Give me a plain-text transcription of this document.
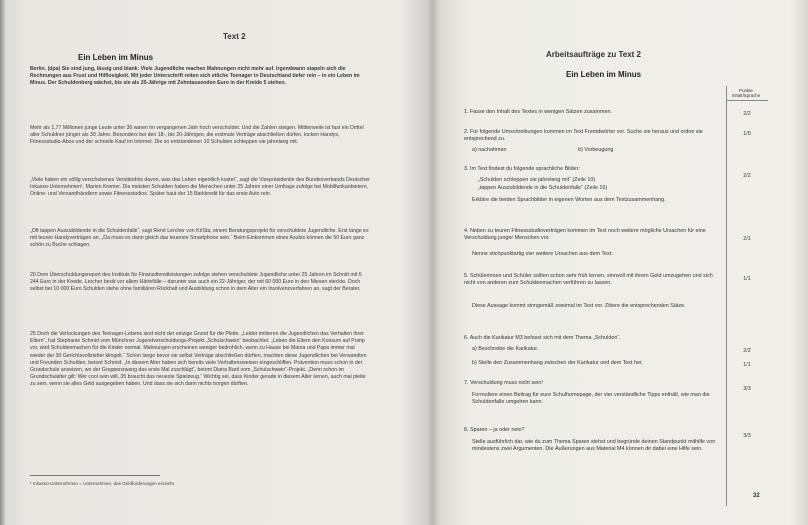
Text 2
Ein Leben im Minus
Berlin. (dpa) Sie sind jung, lässig und blank: Viele Jugendliche machen Mahnungen nicht mehr auf. Irgendwann stapeln sich die Rechnungen aus Frust und Hilflosigkeit. Mit jeder Unterschrift reiten sich etliche Teenager in Deutschland tiefer rein – in ein Leben im Minus. Der Schuldenberg wächst, bis sie als 20-Jährige mit Zehntausenden Euro in der Kreide 5 stehen.
Mehr als 1,77 Millionen junge Leute unter 30 waren im vergangenen Jahr hoch verschuldet. Und die Zahlen steigen. Mittlerweile ist fast ein Drittel aller Schuldner jünger als 30 Jahre. Besonders bei den 18-, bis 20-Jährigen, die erstmals Verträge abschließen dürfen, locken Handys, Fitnessstudio-Abos und der schnelle Kauf im Internet. Die so entstandenen 10 Schulden schleppen sie jahrelang mit.
„Viele haben ein völlig verschobenes Verständnis davon, was das Leben eigentlich kostet“, sagt die Vizepräsidentin des Bundesverbands Deutscher Inkasso-Unternehmen¹, Marion Kremer. Die meisten Schulden haben die Menschen unter 25 Jahren einer Umfrage zufolge bei Mobilfunkanbietern, Online- und Versandhändlern sowie Fitnessstudios. Später haut der 15 Barkkredit für das erste Auto rein.
„Oft tappen Auszubildende in die Schuldenfalle“, sagt René Lercher von KriSta, einem Beratungsprojekt für verschuldete Jugendliche. Erst lange es mit teuren Handyverträgen an. „Da muss es dann gleich das teuerste Smartphone sein.“ Beim Einkommen eines Azubis können die 50 Euro ganz schön zu Buche schlagen.
20 Dem Überschuldungsreport des Instituts für Finanzdienstleistungen zufolge stehen verschuldete Jugendliche unter 25 Jahren im Schnitt mit 6 244 Euro in der Kreide. Lercher berät vor allem Härtefälle – darunter war auch ein 22-Jähriger, der mit 60 000 Euro in den Miesen steckte. Doch selbst bei 10 000 Euro Schulden stehe ohne familiären Rückhalt und Ausbildung schon in dem Alter ein Insolvenzverfahren an, sagt der Berater.
25 Doch die Verlockungen des Teenager-Lebens sind nicht der einzige Grund für die Pleite. „Leider imitieren die Jugendlichen das Verhalten ihrer Eltern“, hat Stephanie Schmid vom Münchner Jugendverschuldungs-Projekt „Schulschwein“ beobachtet. „Leben die Eltern den Konsum auf Pump vor, wird Schuldenmachen für die Kinder normal. Mahnungen erscheinen weniger bedrohlich, wenn zu Hause bei Mama und Papa immer mal wieder der 30 Gerichtsvollzieher klingelt.“ Schon lange bevor sie selbst Verträge abschließen dürften, machten diese Jugendlichen bei Verwandten und Freunden Schulden, betont Schmid. „In diesem Alter haben sich bereits viele Verhaltensweisen eingeschliffen. Prävention muss schon in der Grundschule ansetzen, wo der Gruppenzwang das erste Mal zuschlägt“, betont Diana Bartl vom „Schulschwein“-Projekt. „Denn schon im Grundschulalter gilt: Wer cool sein will, 35 braucht das neueste Spielzeug.“ Wichtig sei, dass Kinder gerade in diesem Alter lernen, auch mal pleite zu sein, wenn sie alles Geld ausgegeben haben. Und dass sie sich dann nichts borgen dürften.
¹ Inkasso-Unternehmen = Unternehmen, das Geldforderungen einzieht
Arbeitsaufträge zu Text 2
Ein Leben im Minus
Punkte Inhalt/Sprache
1. Fasse den Inhalt des Textes in wenigen Sätzen zusammen.	2/2
2. Für folgende Umschreibungen kommen im Text Fremdwörter vor. Suche sie heraus und ordne sie entsprechend zu.
a) nachahmen	b) Vorbeugung
1/0
3. Im Text findest du folgende sprachliche Bilder:
„Schulden schleppen sie jahrelang mit“ (Zeile 10)
„tappen Auszubildende in die Schuldenfalle“ (Zeile 16)
Erkläre die beiden Sprachbilder in eigenen Worten aus dem Textzusammenhang.
2/2
4. Neben zu teuren Fitnessstudioverträgen kommen im Text noch weitere mögliche Ursachen für eine Verschuldung junger Menschen vor.
Nenne stichpunktartig vier weitere Ursachen aus dem Text.
2/1
5. Schülerinnen und Schüler sollten schon sehr früh lernen, sinnvoll mit ihrem Geld umzugehen und sich nicht von anderen zum Schuldenmachen verführen zu lassen.
Diese Aussage kommt sinngemäß zweimal im Text vor. Zitiere die entsprechenden Sätze.
1/1
6. Auch die Karikatur M3 befasst sich mit dem Thema „Schulden“.
a) Beschreibe die Karikatur.
b) Stelle den Zusammenhang zwischen der Karikatur und dem Text her.
2/2
1/1
7. Verschuldung muss nicht sein!
Formuliere einen Beitrag für eure Schulhomepage, der vier verständliche Tipps enthält, wie man die Schuldenfalle umgehen kann.
3/3
8. Sparen – ja oder nein?
Stelle ausführlich dar, wie du zum Thema Sparen stehst und begründe deinen Standpunkt mithilfe von mindestens zwei Argumenten. Die Äußerungen aus Material M4 können dir dabei eine Hilfe sein.
3/3
32
